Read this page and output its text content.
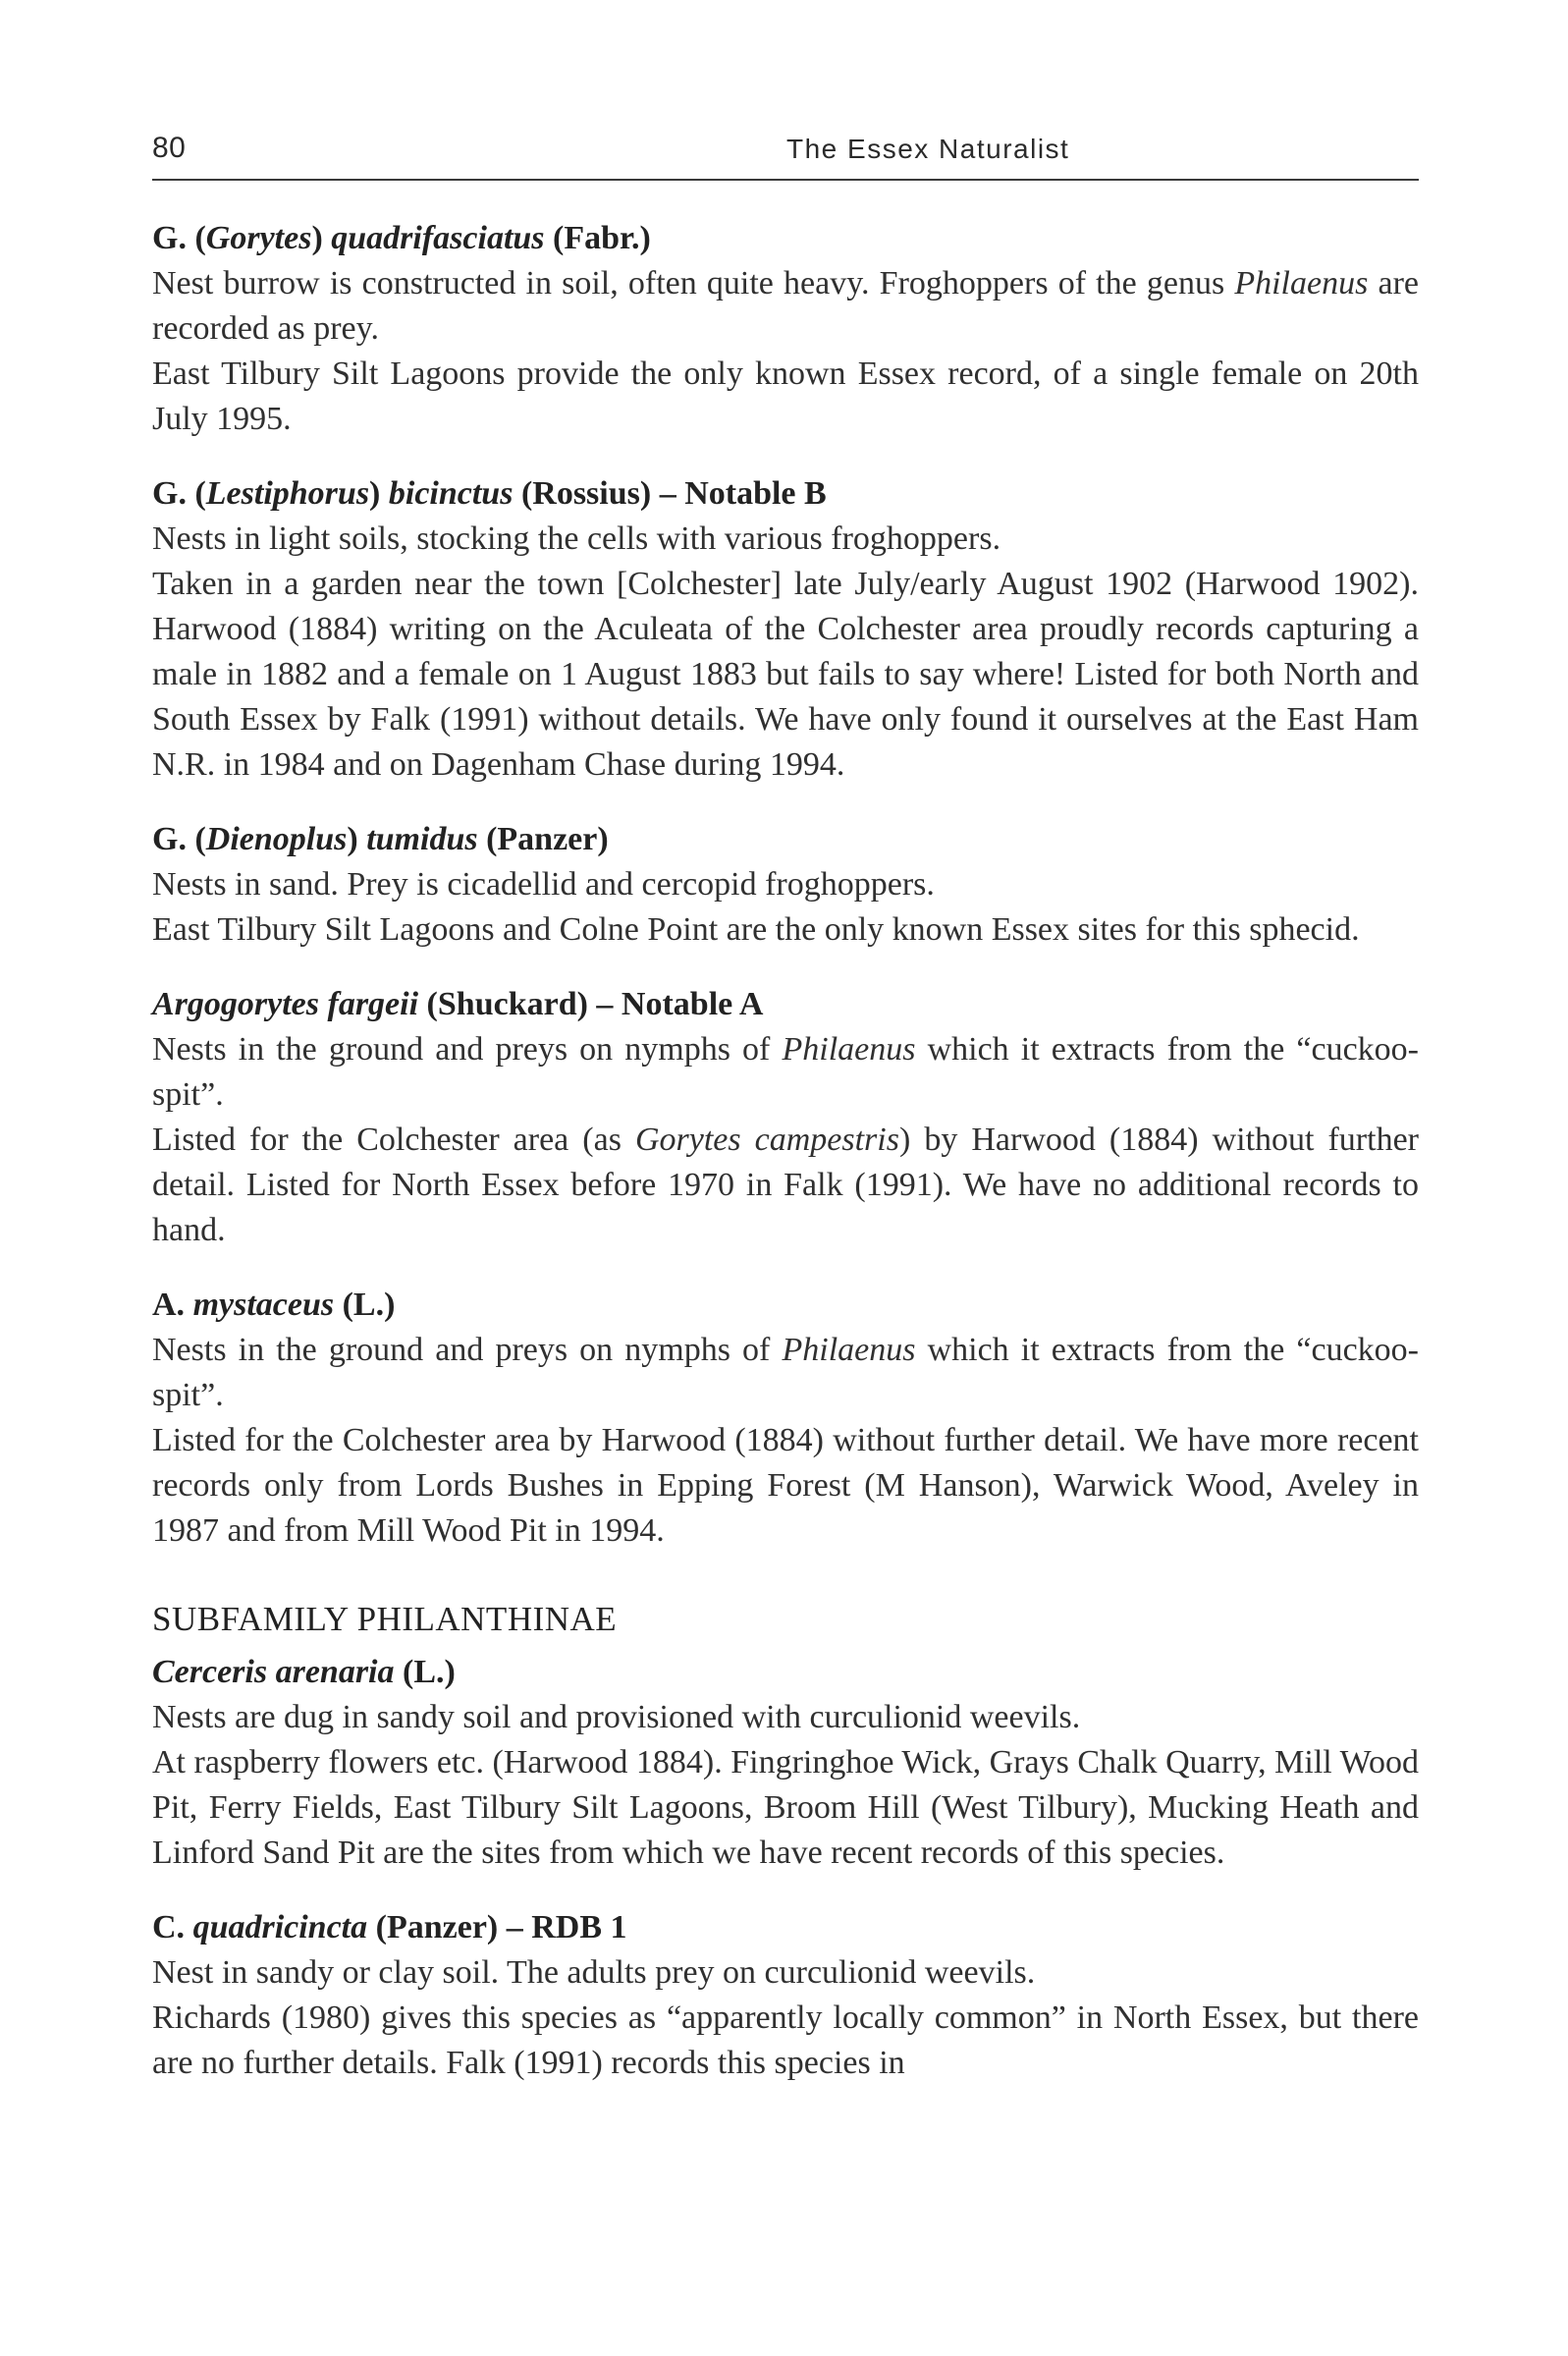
80	The Essex Naturalist

G. (Gorytes) quadrifasciatus (Fabr.)

Nest burrow is constructed in soil, often quite heavy. Froghoppers of the genus Philaenus are recorded as prey.

East Tilbury Silt Lagoons provide the only known Essex record, of a single female on 20th July 1995.

G. (Lestiphorus) bicinctus (Rossius) – Notable B

Nests in light soils, stocking the cells with various froghoppers.

Taken in a garden near the town [Colchester] late July/early August 1902 (Harwood 1902). Harwood (1884) writing on the Aculeata of the Colchester area proudly records capturing a male in 1882 and a female on 1 August 1883 but fails to say where! Listed for both North and South Essex by Falk (1991) without details. We have only found it ourselves at the East Ham N.R. in 1984 and on Dagenham Chase during 1994.

G. (Dienoplus) tumidus (Panzer)

Nests in sand. Prey is cicadellid and cercopid froghoppers.

East Tilbury Silt Lagoons and Colne Point are the only known Essex sites for this sphecid.

Argogorytes fargeii (Shuckard) – Notable A

Nests in the ground and preys on nymphs of Philaenus which it extracts from the “cuckoo-spit”.

Listed for the Colchester area (as Gorytes campestris) by Harwood (1884) without further detail. Listed for North Essex before 1970 in Falk (1991). We have no additional records to hand.

A. mystaceus (L.)

Nests in the ground and preys on nymphs of Philaenus which it extracts from the “cuckoo-spit”.

Listed for the Colchester area by Harwood (1884) without further detail. We have more recent records only from Lords Bushes in Epping Forest (M Hanson), Warwick Wood, Aveley in 1987 and from Mill Wood Pit in 1994.

SUBFAMILY PHILANTHINAE

Cerceris arenaria (L.)

Nests are dug in sandy soil and provisioned with curculionid weevils.

At raspberry flowers etc. (Harwood 1884). Fingringhoe Wick, Grays Chalk Quarry, Mill Wood Pit, Ferry Fields, East Tilbury Silt Lagoons, Broom Hill (West Tilbury), Mucking Heath and Linford Sand Pit are the sites from which we have recent records of this species.

C. quadricincta (Panzer) – RDB 1

Nest in sandy or clay soil. The adults prey on curculionid weevils.

Richards (1980) gives this species as “apparently locally common” in North Essex, but there are no further details. Falk (1991) records this species in
